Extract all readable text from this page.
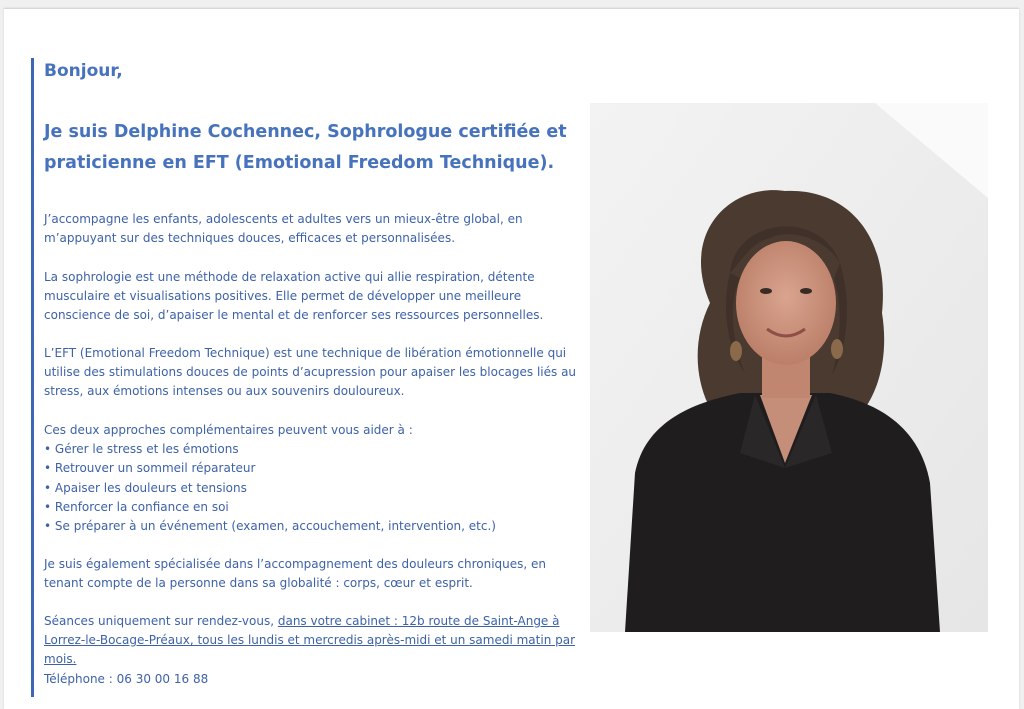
Bonjour,
Je suis Delphine Cochennec, Sophrologue certifiée et praticienne en EFT (Emotional Freedom Technique).

J’accompagne les enfants, adolescents et adultes vers un mieux-être global, en m’appuyant sur des techniques douces, efficaces et personnalisées.

La sophrologie est une méthode de relaxation active qui allie respiration, détente musculaire et visualisations positives. Elle permet de développer une meilleure conscience de soi, d’apaiser le mental et de renforcer ses ressources personnelles.

L’EFT (Emotional Freedom Technique) est une technique de libération émotionnelle qui utilise des stimulations douces de points d’acupression pour apaiser les blocages liés au stress, aux émotions intenses ou aux souvenirs douloureux.

Ces deux approches complémentaires peuvent vous aider à :
• Gérer le stress et les émotions
• Retrouver un sommeil réparateur
• Apaiser les douleurs et tensions
• Renforcer la confiance en soi
• Se préparer à un événement (examen, accouchement, intervention, etc.)

Je suis également spécialisée dans l’accompagnement des douleurs chroniques, en tenant compte de la personne dans sa globalité : corps, cœur et esprit.

Séances uniquement sur rendez-vous, dans votre cabinet : 12b route de Saint-Ange à Lorrez-le-Bocage-Préaux, tous les lundis et mercredis après-midi et un samedi matin par mois.
Téléphone : 06 30 00 16 88
